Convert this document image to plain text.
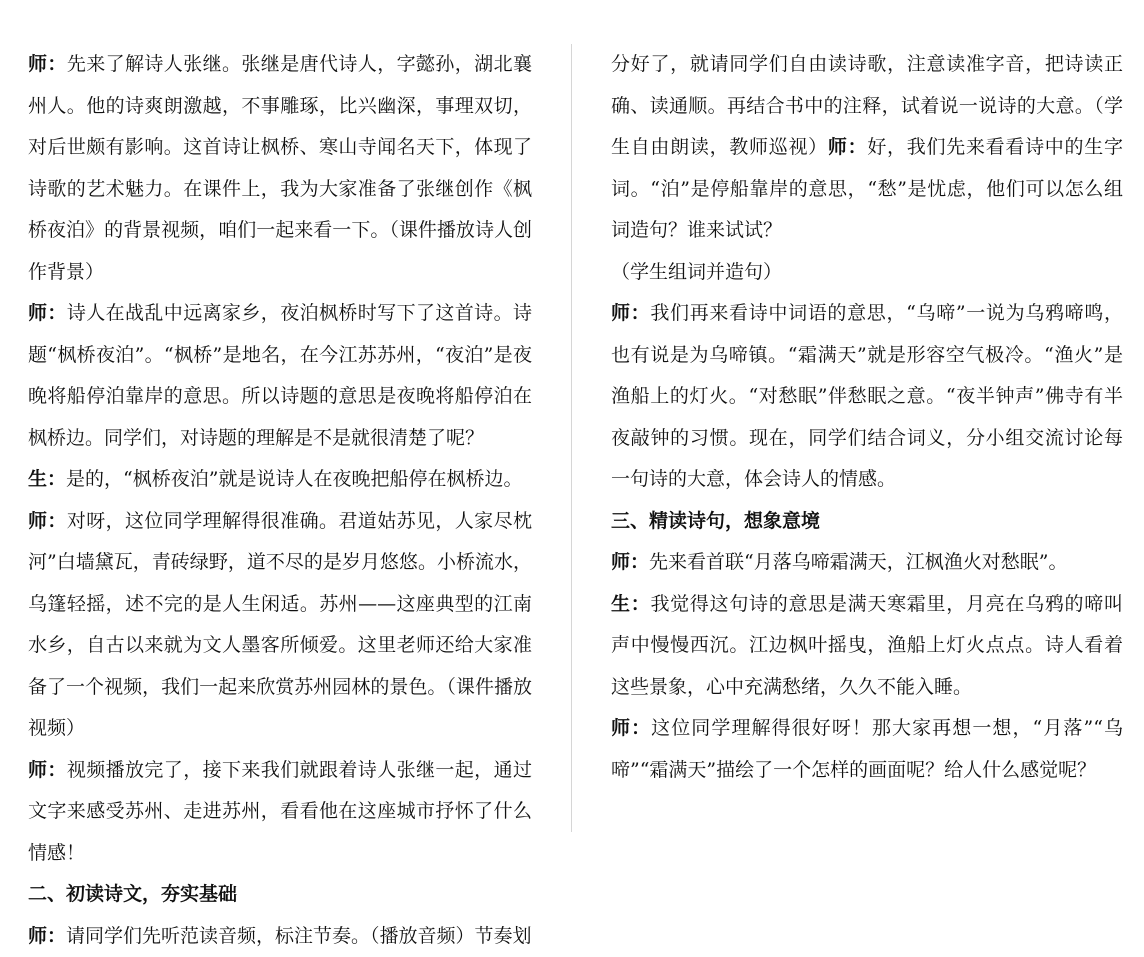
师：先来了解诗人张继。张继是唐代诗人，字懿孙，湖北襄州人。他的诗爽朗激越，不事雕琢，比兴幽深，事理双切，对后世颇有影响。这首诗让枫桥、寒山寺闻名天下，体现了诗歌的艺术魅力。在课件上，我为大家准备了张继创作《枫桥夜泊》的背景视频，咱们一起来看一下。（课件播放诗人创作背景）

师：诗人在战乱中远离家乡，夜泊枫桥时写下了这首诗。诗题“枫桥夜泊”。“枫桥”是地名，在今江苏苏州，“夜泊”是夜晚将船停泊靠岸的意思。所以诗题的意思是夜晚将船停泊在枫桥边。同学们，对诗题的理解是不是就很清楚了呢？

生：是的，“枫桥夜泊”就是说诗人在夜晚把船停在枫桥边。

师：对呀，这位同学理解得很准确。君道姑苏见，人家尽枕河”白墙黛瓦，青砖绿野，道不尽的是岁月悠悠。小桥流水，乌篷轻摇，述不完的是人生闲适。苏州——这座典型的江南水乡，自古以来就为文人墨客所倾爱。这里老师还给大家准备了一个视频，我们一起来欣赏苏州园林的景色。（课件播放视频）

师：视频播放完了，接下来我们就跟着诗人张继一起，通过文字来感受苏州、走进苏州，看看他在这座城市抒怀了什么情感！

二、初读诗文，夯实基础

师：请同学们先听范读音频，标注节奏。（播放音频）节奏划

分好了，就请同学们自由读诗歌，注意读准字音，把诗读正确、读通顺。再结合书中的注释，试着说一说诗的大意。（学生自由朗读，教师巡视）师：好，我们先来看看诗中的生字词。“泊”是停船靠岸的意思，“愁”是忧虑，他们可以怎么组词造句？谁来试试？

（学生组词并造句）

师：我们再来看诗中词语的意思，“乌啼”一说为乌鸦啼鸣，也有说是为乌啼镇。“霜满天”就是形容空气极冷。“渔火”是渔船上的灯火。“对愁眠”伴愁眠之意。“夜半钟声”佛寺有半夜敲钟的习惯。现在，同学们结合词义，分小组交流讨论每一句诗的大意，体会诗人的情感。

三、精读诗句，想象意境

师：先来看首联“月落乌啼霜满天，江枫渔火对愁眠”。

生：我觉得这句诗的意思是满天寒霜里，月亮在乌鸦的啼叫声中慢慢西沉。江边枫叶摇曳，渔船上灯火点点。诗人看着这些景象，心中充满愁绪，久久不能入睡。

师：这位同学理解得很好呀！那大家再想一想，“月落”“乌啼”“霜满天”描绘了一个怎样的画面呢？给人什么感觉呢？
